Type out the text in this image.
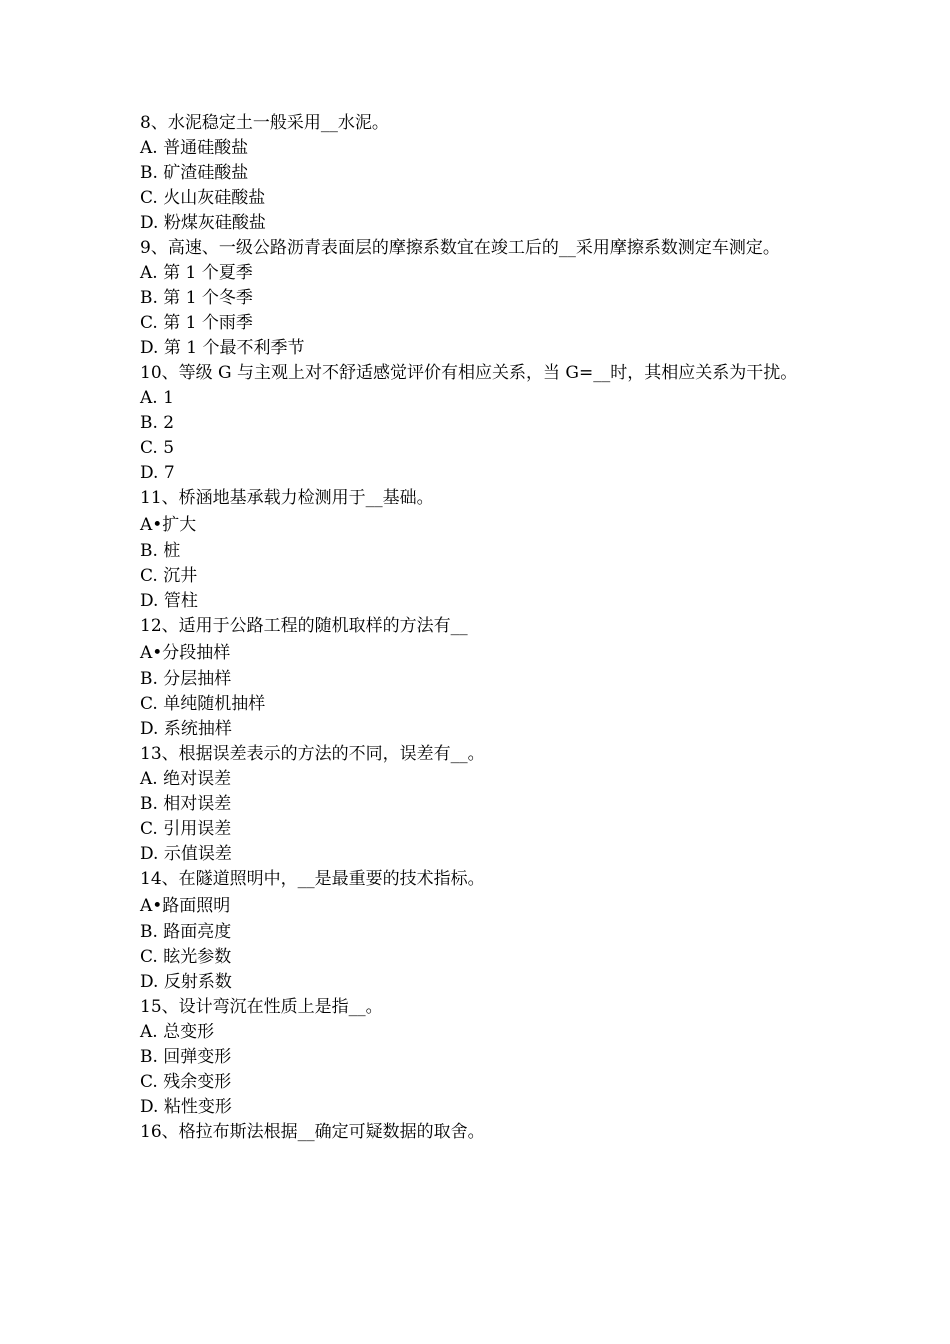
8、水泥稳定土一般采用__水泥。
A. 普通硅酸盐
B. 矿渣硅酸盐
C. 火山灰硅酸盐
D. 粉煤灰硅酸盐
9、高速、一级公路沥青表面层的摩擦系数宜在竣工后的__采用摩擦系数测定车测定。
A. 第 1 个夏季
B. 第 1 个冬季
C. 第 1 个雨季
D. 第 1 个最不利季节
10、等级 G 与主观上对不舒适感觉评价有相应关系，当 G=__时，其相应关系为干扰。
A. 1
B. 2
C. 5
D. 7
11、桥涵地基承载力检测用于__基础。
A•扩大
B. 桩
C. 沉井
D. 管柱
12、适用于公路工程的随机取样的方法有__
A•分段抽样
B. 分层抽样
C. 单纯随机抽样
D. 系统抽样
13、根据误差表示的方法的不同，误差有__。
A. 绝对误差
B. 相对误差
C. 引用误差
D. 示值误差
14、在隧道照明中，__是最重要的技术指标。
A•路面照明
B. 路面亮度
C. 眩光参数
D. 反射系数
15、设计弯沉在性质上是指__。
A. 总变形
B. 回弹变形
C. 残余变形
D. 粘性变形
16、格拉布斯法根据__确定可疑数据的取舍。
